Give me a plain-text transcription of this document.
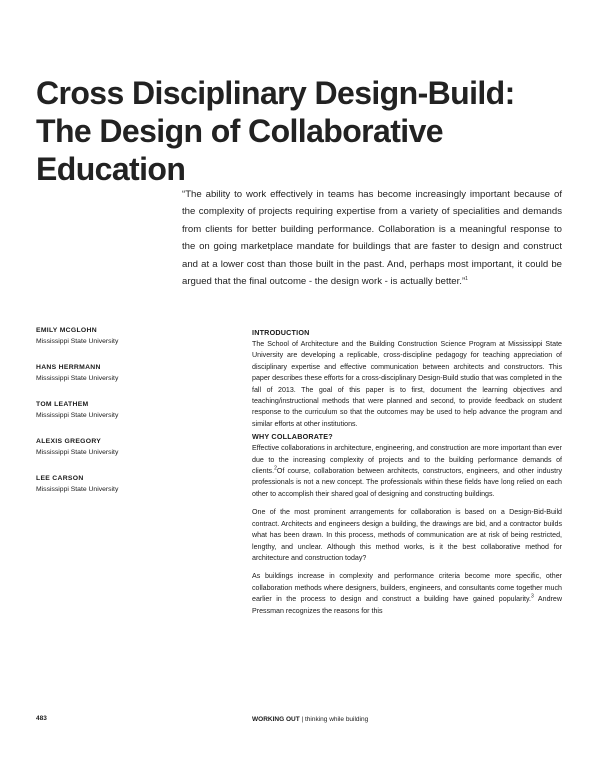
Cross Disciplinary Design-Build: The Design of Collaborative Education

“The ability to work effectively in teams has become increasingly important because of the complexity of projects requiring expertise from a variety of specialities and demands from clients for better building performance. Collaboration is a meaningful response to the on going marketplace mandate for buildings that are faster to design and construct and at a lower cost than those built in the past. And, perhaps most important, it could be argued that the final outcome - the design work - is actually better.”$^1$

EMILY MCGLOHN
Mississippi State University
HANS HERRMANN
Mississippi State University
TOM LEATHEM
Mississippi State University
ALEXIS GREGORY
Mississippi State University
LEE CARSON
Mississippi State University
INTRODUCTION

The School of Architecture and the Building Construction Science Program at Mississippi State University are developing a replicable, cross-discipline pedagogy for teaching appreciation of disciplinary expertise and effective communication between architects and constructors. This paper describes these efforts for a cross-disciplinary Design-Build studio that was completed in the fall of 2013. The goal of this paper is to first, document the learning objectives and teaching/instructional methods that were planned and second, to provide feedback on student response to the curriculum so that the outcomes may be used to help advance the program and similar efforts at other institutions.

WHY COLLABORATE?

Effective collaborations in architecture, engineering, and construction are more important than ever due to the increasing complexity of projects and to the building performance demands of clients.$^2$Of course, collaboration between architects, constructors, engineers, and other industry professionals is not a new concept. The professionals within these fields have long relied on each other to accomplish their shared goal of designing and constructing buildings.

One of the most prominent arrangements for collaboration is based on a Design-Bid-Build contract. Architects and engineers design a building, the drawings are bid, and a contractor builds what has been drawn. In this process, methods of communication are at risk of being restricted, lengthy, and unclear. Although this method works, is it the best collaborative method for architecture and construction today?

As buildings increase in complexity and performance criteria become more specific, other collaboration methods where designers, builders, engineers, and consultants come together much earlier in the process to design and construct a building have gained popularity.$^3$ Andrew Pressman recognizes the reasons for this

483	WORKING OUT | thinking while building
